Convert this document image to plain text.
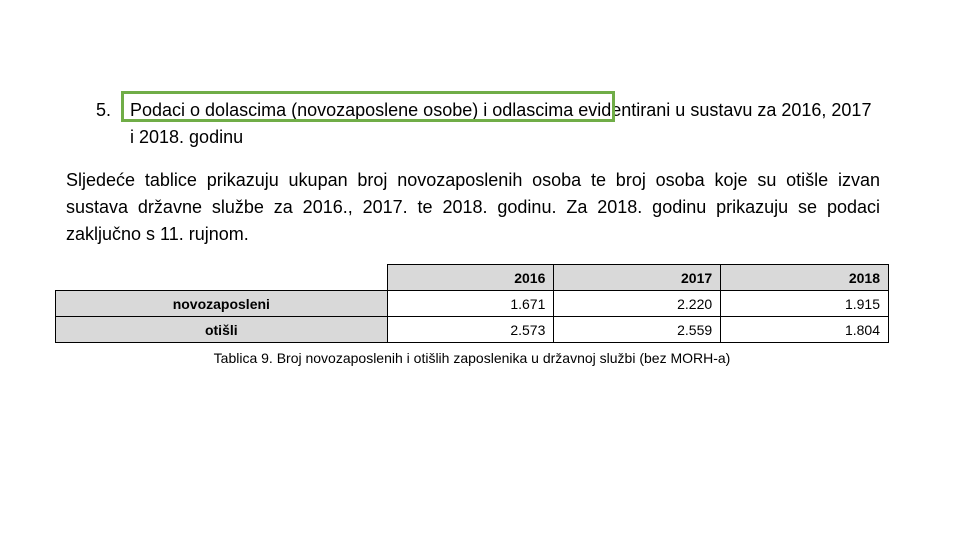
5.	Podaci o dolascima (novozaposlene osobe) i odlascima evidentirani u sustavu za 2016, 2017 i 2018. godinu
Sljedeće tablice prikazuju ukupan broj novozaposlenih osoba te broj osoba koje su otišle izvan sustava državne službe za 2016., 2017. te 2018. godinu. Za 2018. godinu prikazuju se podaci zaključno s 11. rujnom.
	2016	2017	2018
novozaposleni	1.671	2.220	1.915
otišli	2.573	2.559	1.804
Tablica 9. Broj novozaposlenih i otišlih zaposlenika u državnoj službi (bez MORH-a)
